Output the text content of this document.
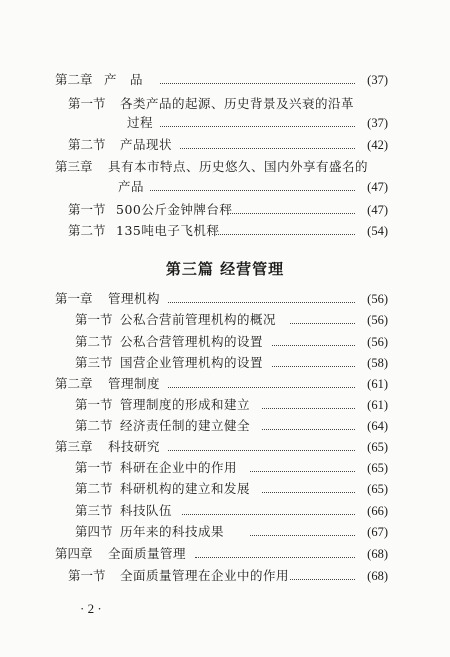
第二章 产　品	(37)
第一节 各类产品的起源、历史背景及兴衰的沿革
过程	(37)
第二节 产品现状	(42)
第三章 具有本市特点、历史悠久、国内外享有盛名的
产品	(47)
第一节 500公斤金钟牌台秤	(47)
第二节 135吨电子飞机秤	(54)
第三篇 经营管理
第一章 管理机构	(56)
第一节 公私合营前管理机构的概况	(56)
第二节 公私合营管理机构的设置	(56)
第三节 国营企业管理机构的设置	(58)
第二章 管理制度	(61)
第一节 管理制度的形成和建立	(61)
第二节 经济责任制的建立健全	(64)
第三章 科技研究	(65)
第一节 科研在企业中的作用	(65)
第二节 科研机构的建立和发展	(65)
第三节 科技队伍	(66)
第四节 历年来的科技成果	(67)
第四章 全面质量管理	(68)
第一节 全面质量管理在企业中的作用	(68)
· 2 ·
